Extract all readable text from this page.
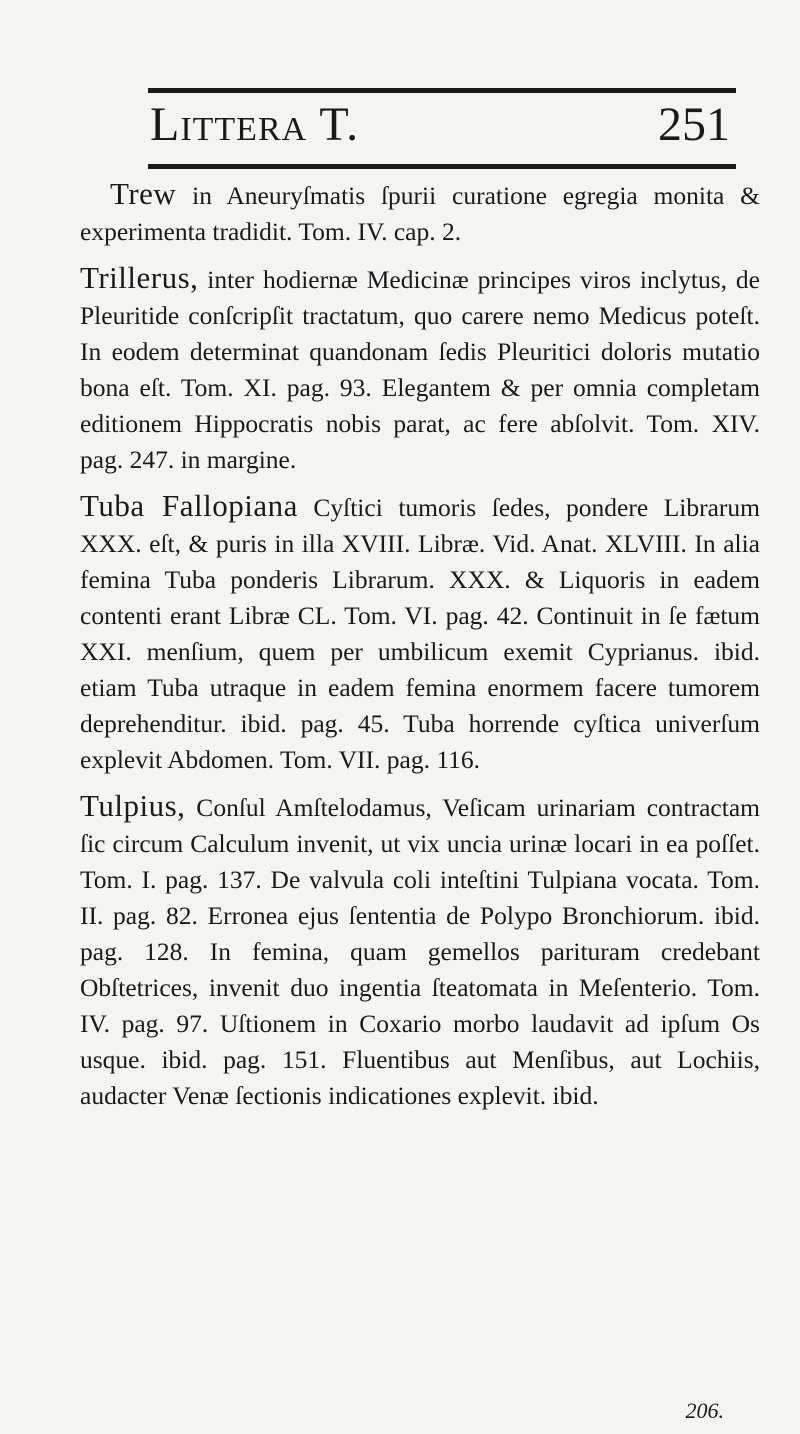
Littera T.	251

Trew in Aneuryſmatis ſpurii curatione egregia monita & experimenta tradidit. Tom. IV. cap. 2.

Trillerus, inter hodiernæ Medicinæ principes viros inclytus, de Pleuritide conſcripſit tractatum, quo carere nemo Medicus poteſt. In eodem determinat quandonam ſedis Pleuritici doloris mutatio bona eſt. Tom. XI. pag. 93. Elegantem & per omnia completam editionem Hippocratis nobis parat, ac fere abſolvit. Tom. XIV. pag. 247. in margine.

Tuba Fallopiana Cyſtici tumoris ſedes, pondere Librarum XXX. eſt, & puris in illa XVIII. Libræ. Vid. Anat. XLVIII. In alia femina Tuba ponderis Librarum. XXX. & Liquoris in eadem contenti erant Libræ CL. Tom. VI. pag. 42. Continuit in ſe fætum XXI. menſium, quem per umbilicum exemit Cyprianus. ibid. etiam Tuba utraque in eadem femina enormem facere tumorem deprehenditur. ibid. pag. 45. Tuba horrende cyſtica univerſum explevit Abdomen. Tom. VII. pag. 116.

Tulpius, Conſul Amſtelodamus, Veſicam urinariam contractam ſic circum Calculum invenit, ut vix uncia urinæ locari in ea poſſet. Tom. I. pag. 137. De valvula coli inteſtini Tulpiana vocata. Tom. II. pag. 82. Erronea ejus ſententia de Polypo Bronchiorum. ibid. pag. 128. In femina, quam gemellos parituram credebant Obſtetrices, invenit duo ingentia ſteatomata in Meſenterio. Tom. IV. pag. 97. Uſtionem in Coxario morbo laudavit ad ipſum Os usque. ibid. pag. 151. Fluentibus aut Menſibus, aut Lochiis, audacter Venæ ſectionis indicationes explevit. ibid.

206.
